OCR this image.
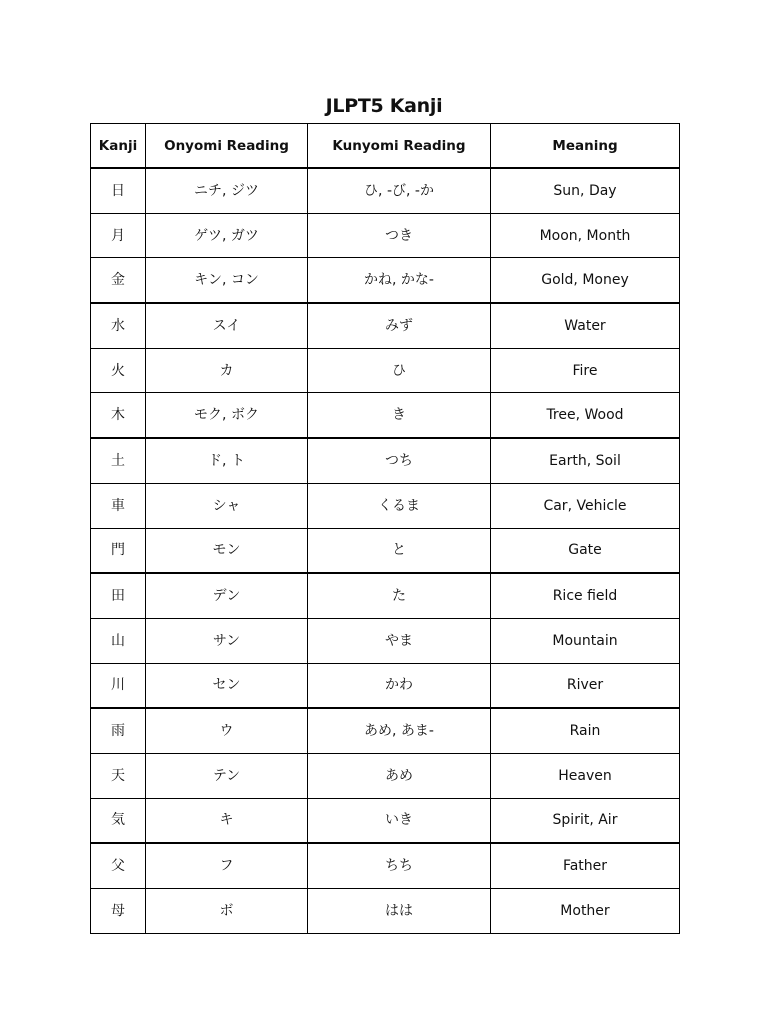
JLPT5 Kanji
Kanji	Onyomi Reading	Kunyomi Reading	Meaning
日	ニチ, ジツ	ひ, -び, -か	Sun, Day
月	ゲツ, ガツ	つき	Moon, Month
金	キン, コン	かね, かな-	Gold, Money
水	スイ	みず	Water
火	カ	ひ	Fire
木	モク, ボク	き	Tree, Wood
土	ド, ト	つち	Earth, Soil
車	シャ	くるま	Car, Vehicle
門	モン	と	Gate
田	デン	た	Rice field
山	サン	やま	Mountain
川	セン	かわ	River
雨	ウ	あめ, あま-	Rain
天	テン	あめ	Heaven
気	キ	いき	Spirit, Air
父	フ	ちち	Father
母	ボ	はは	Mother
